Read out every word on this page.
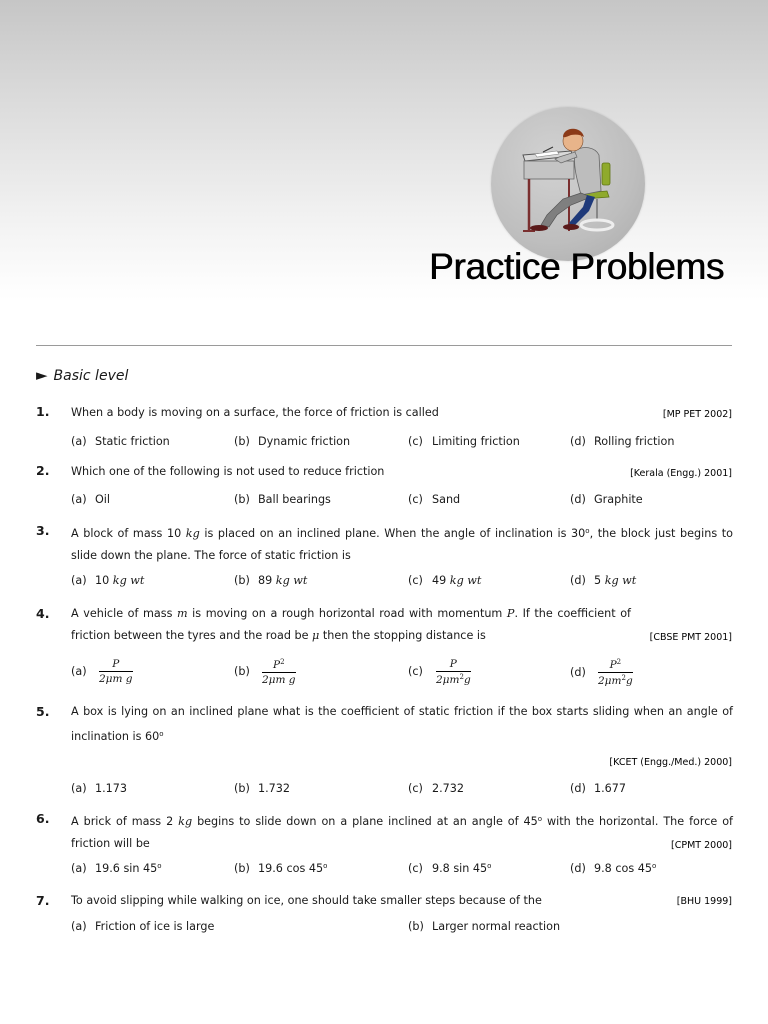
Practice Problems
► Basic level
1. When a body is moving on a surface, the force of friction is called	[MP PET 2002]
(a) Static friction	(b) Dynamic friction	(c) Limiting friction	(d) Rolling friction
2. Which one of the following is not used to reduce friction	[Kerala (Engg.) 2001]
(a) Oil	(b) Ball bearings	(c) Sand	(d) Graphite
3. A block of mass 10 kg is placed on an inclined plane. When the angle of inclination is 30$^o$, the block just begins to slide down the plane. The force of static friction is
(a) 10 kg wt	(b) 89 kg wt	(c) 49 kg wt	(d) 5 kg wt
4. A vehicle of mass m is moving on a rough horizontal road with momentum P. If the coefficient of friction between the tyres and the road be μ then the stopping distance is	[CBSE PMT 2001]
$(a) \frac{P}{\text{2μm g}}$	$(b) \frac{P^2}{\text{2μm g}}$	$(c) \frac{P}{2\mu m^2g}$	$(d) \frac{P^2}{2\mu m^2g}$
5. A box is lying on an inclined plane what is the coefficient of static friction if the box starts sliding when an angle of inclination is 60$^o$
[KCET (Engg./Med.) 2000]
(a) 1.173	(b) 1.732	(c) 2.732	(d) 1.677
6. A brick of mass 2 kg begins to slide down on a plane inclined at an angle of 45$^o$ with the horizontal. The force of friction will be	[CPMT 2000]
(a) 19.6 sin 45$^o$	(b) 19.6 cos 45$^o$	(c) 9.8 sin 45$^o$	(d) 9.8 cos 45$^o$
7. To avoid slipping while walking on ice, one should take smaller steps because of the	[BHU 1999]
(a) Friction of ice is large	(b) Larger normal reaction
